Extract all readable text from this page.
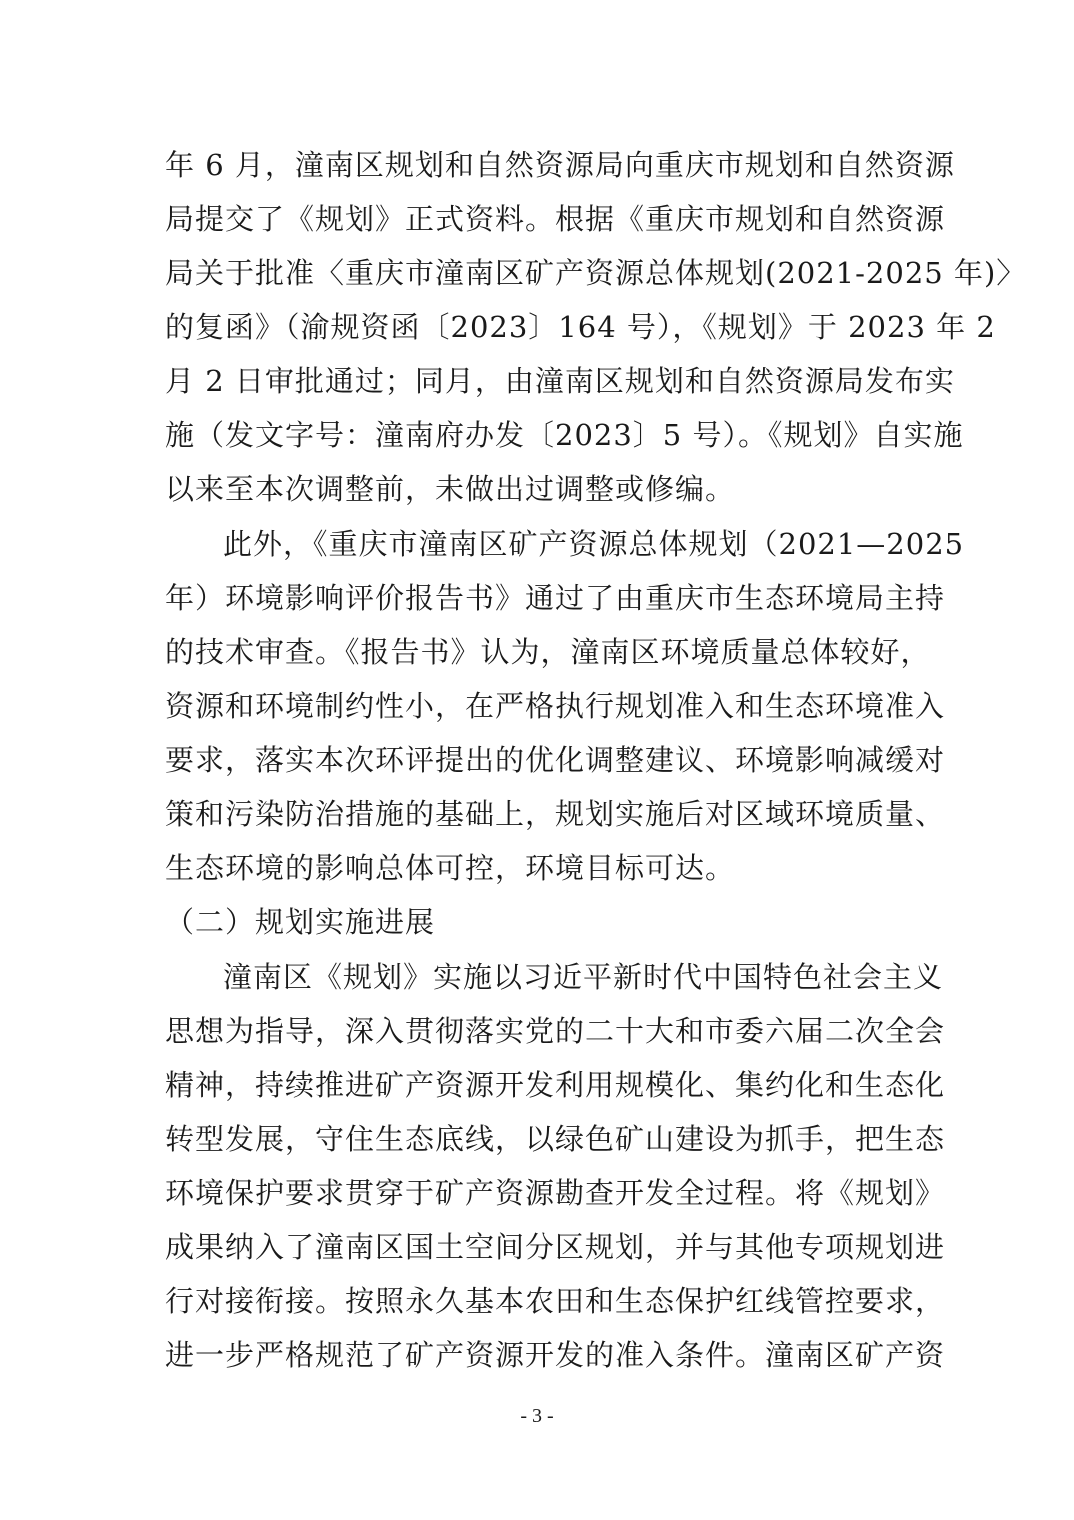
年 6 月，潼南区规划和自然资源局向重庆市规划和自然资源
局提交了《规划》正式资料。根据《重庆市规划和自然资源
局关于批准〈重庆市潼南区矿产资源总体规划(2021-2025 年)〉
的复函》（渝规资函〔2023〕164 号），《规划》于 2023 年 2
月 2 日审批通过；同月，由潼南区规划和自然资源局发布实
施（发文字号：潼南府办发〔2023〕5 号）。《规划》自实施
以来至本次调整前，未做出过调整或修编。
此外，《重庆市潼南区矿产资源总体规划（2021—2025
年）环境影响评价报告书》通过了由重庆市生态环境局主持
的技术审查。《报告书》认为，潼南区环境质量总体较好，
资源和环境制约性小，在严格执行规划准入和生态环境准入
要求，落实本次环评提出的优化调整建议、环境影响减缓对
策和污染防治措施的基础上，规划实施后对区域环境质量、
生态环境的影响总体可控，环境目标可达。
（二）规划实施进展
潼南区《规划》实施以习近平新时代中国特色社会主义
思想为指导，深入贯彻落实党的二十大和市委六届二次全会
精神，持续推进矿产资源开发利用规模化、集约化和生态化
转型发展，守住生态底线，以绿色矿山建设为抓手，把生态
环境保护要求贯穿于矿产资源勘查开发全过程。将《规划》
成果纳入了潼南区国土空间分区规划，并与其他专项规划进
行对接衔接。按照永久基本农田和生态保护红线管控要求，
进一步严格规范了矿产资源开发的准入条件。潼南区矿产资
- 3 -
